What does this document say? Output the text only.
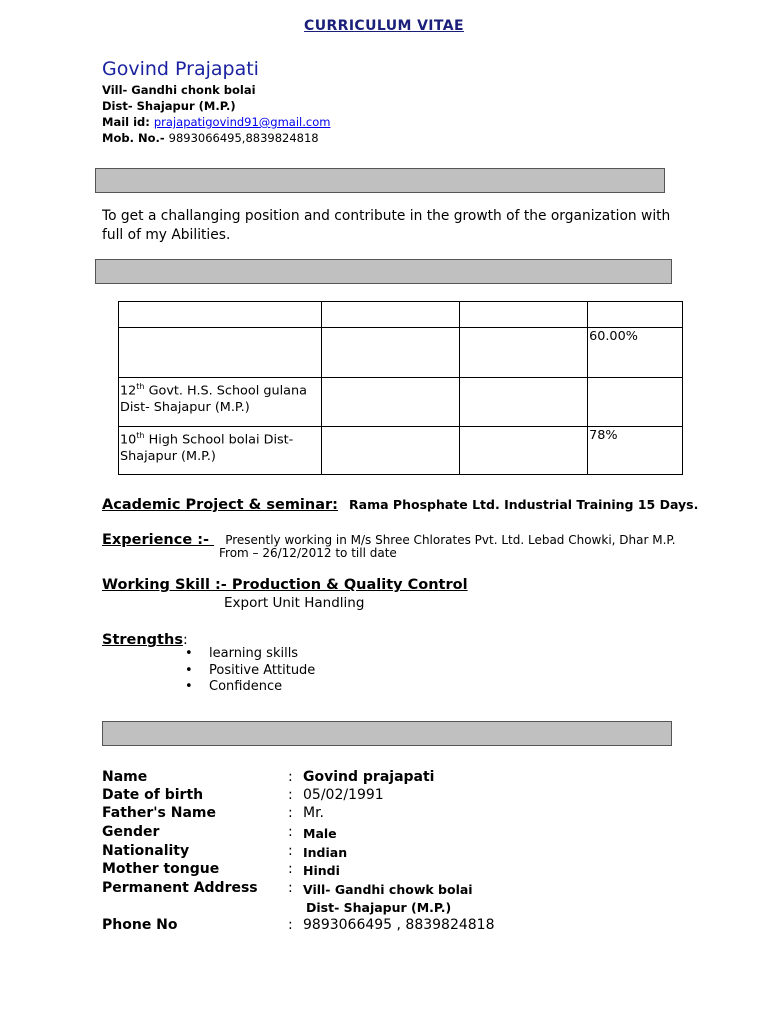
CURRICULUM VITAE
Govind Prajapati
Vill- Gandhi chonk bolai
Dist- Shajapur (M.P.)
Mail id: prajapatigovind91@gmail.com
Mob. No.- 9893066495,8839824818
To get a challanging position and contribute in the growth of the organization with full of my Abilities.

			60.00%
12th Govt. H.S. School gulana Dist- Shajapur (M.P.)			
10th High School bolai Dist- Shajapur (M.P.)			78%
Academic Project & seminar: Rama Phosphate Ltd. Industrial Training 15 Days.
Experience :-  Presently working in M/s Shree Chlorates Pvt. Ltd. Lebad Chowki, Dhar M.P.
From – 26/12/2012 to till date
Working Skill :- Production & Quality Control
Export Unit Handling
Strengths:
• learning skills
• Positive Attitude
• Confidence
Name	: Govind prajapati
Date of birth	: 05/02/1991
Father's Name	: Mr.
Gender	: Male
Nationality	: Indian
Mother tongue	: Hindi
Permanent Address : Vill- Gandhi chowk bolai
Dist- Shajapur (M.P.)
Phone No	: 9893066495 , 8839824818
